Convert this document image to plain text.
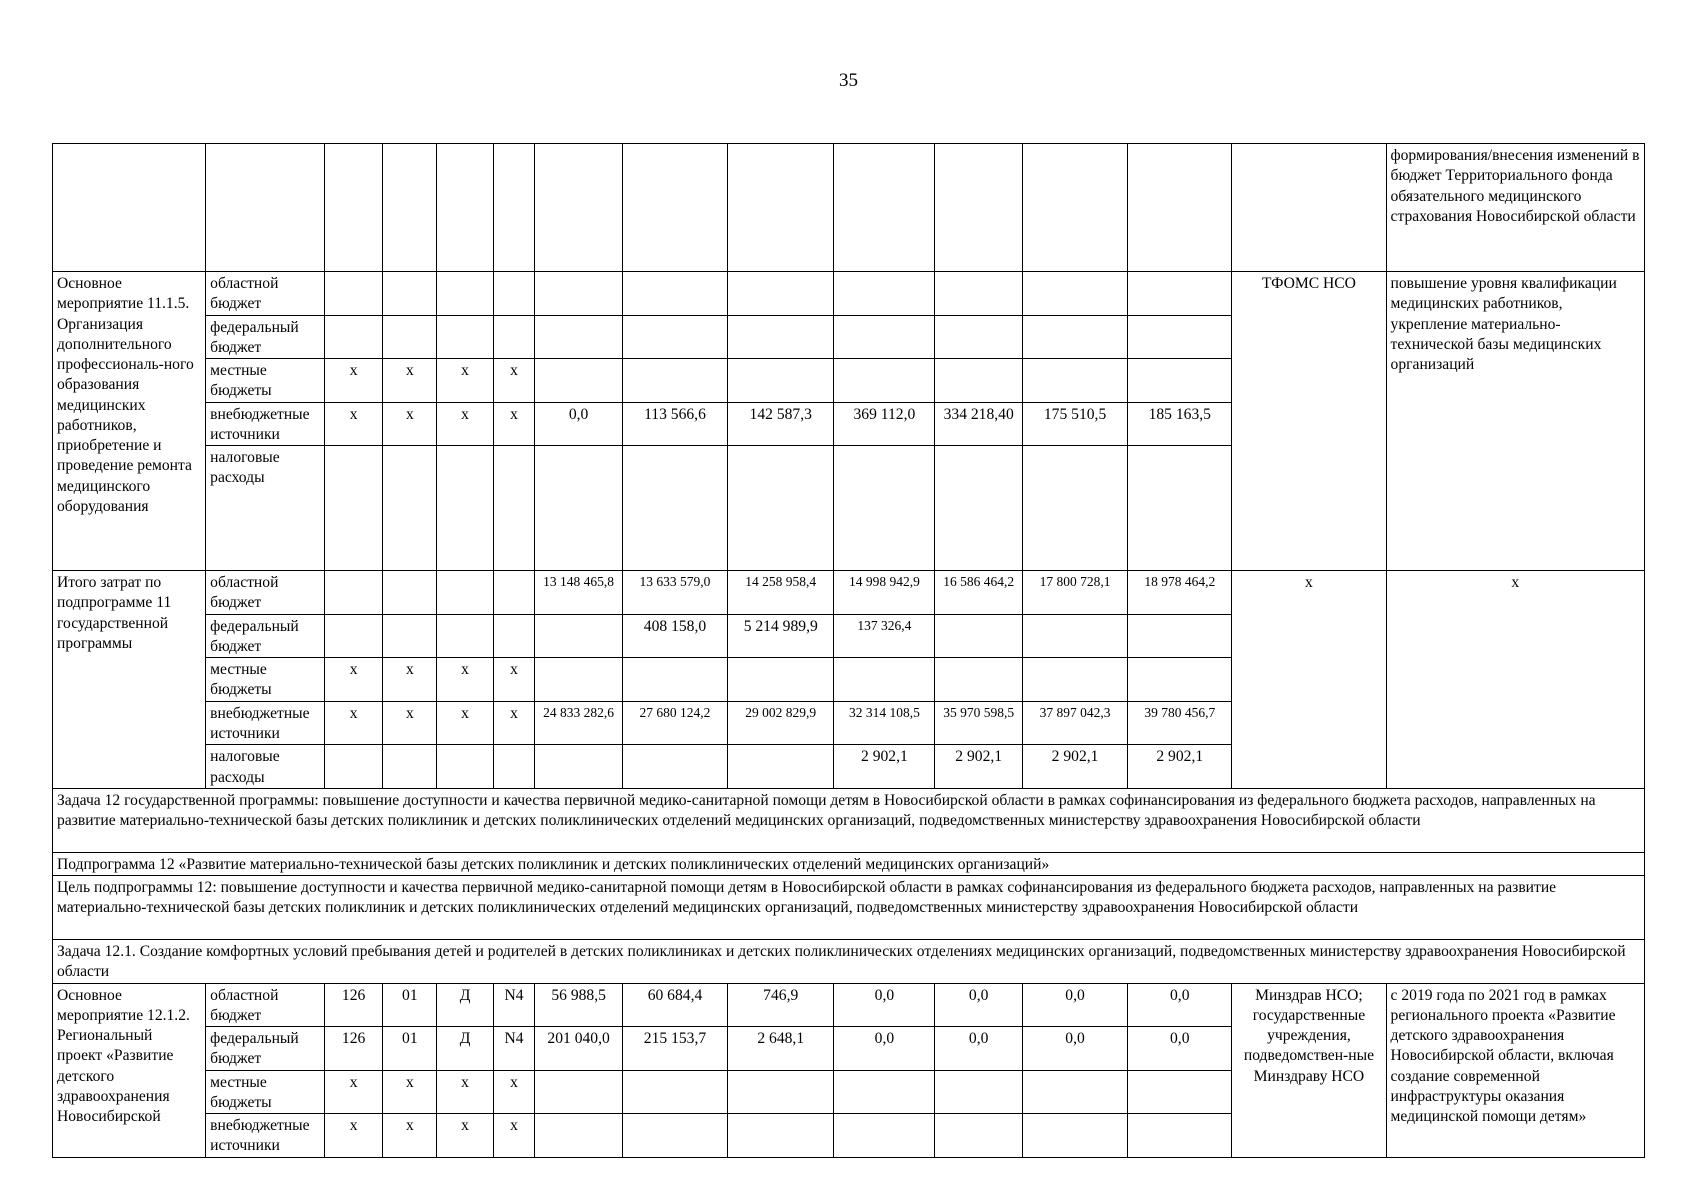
35
														формирования/внесения изменений в бюджет Территориального фонда обязательного медицинского страхования Новосибирской области
Основное мероприятие 11.1.5. Организация дополнительного профессиональ-ного образования медицинских работников, приобретение и проведение ремонта медицинского оборудования	областной бюджет												ТФОМС НСО	повышение уровня квалификации медицинских работников, укрепление материально-технической базы медицинских организаций
	федеральный бюджет													
	местные бюджеты	х	х	х	х									
	внебюджетные источники	х	х	х	х	0,0	113 566,6	142 587,3	369 112,0	334 218,40	175 510,5	185 163,5		
	налоговые расходы													
Итого затрат по подпрограмме 11 государственной программы	областной бюджет					13 148 465,8	13 633 579,0	14 258 958,4	14 998 942,9	16 586 464,2	17 800 728,1	18 978 464,2	х	х
	федеральный бюджет						408 158,0	5 214 989,9	137 326,4					
	местные бюджеты	х	х	х	х									
	внебюджетные источники	х	х	х	х	24 833 282,6	27 680 124,2	29 002 829,9	32 314 108,5	35 970 598,5	37 897 042,3	39 780 456,7		
	налоговые расходы								2 902,1	2 902,1	2 902,1	2 902,1		
Задача 12 государственной программы: повышение доступности и качества первичной медико-санитарной помощи детям в Новосибирской области в рамках софинансирования из федерального бюджета расходов, направленных на развитие материально-технической базы детских поликлиник и детских поликлинических отделений медицинских организаций, подведомственных министерству здравоохранения Новосибирской области														
Подпрограмма 12 «Развитие материально-технической базы детских поликлиник и детских поликлинических отделений медицинских организаций»														
Цель подпрограммы 12: повышение доступности и качества первичной медико-санитарной помощи детям в Новосибирской области в рамках софинансирования из федерального бюджета расходов, направленных на развитие материально-технической базы детских поликлиник и детских поликлинических отделений медицинских организаций, подведомственных министерству здравоохранения Новосибирской области														
Задача 12.1. Создание комфортных условий пребывания детей и родителей в детских поликлиниках и детских поликлинических отделениях медицинских организаций, подведомственных министерству здравоохранения Новосибирской области														
Основное мероприятие 12.1.2. Региональный проект «Развитие детского здравоохранения Новосибирской	областной бюджет	126	01	Д	N4	56 988,5	60 684,4	746,9	0,0	0,0	0,0	0,0	Минздрав НСО; государственные учреждения, подведомствен-ные Минздраву НСО	с 2019 года по 2021 год в рамках регионального проекта «Развитие детского здравоохранения Новосибирской области, включая создание современной инфраструктуры оказания медицинской помощи детям»
	федеральный бюджет	126	01	Д	N4	201 040,0	215 153,7	2 648,1	0,0	0,0	0,0	0,0		
	местные бюджеты	х	х	х	х									
	внебюджетные источники	х	х	х	х									
